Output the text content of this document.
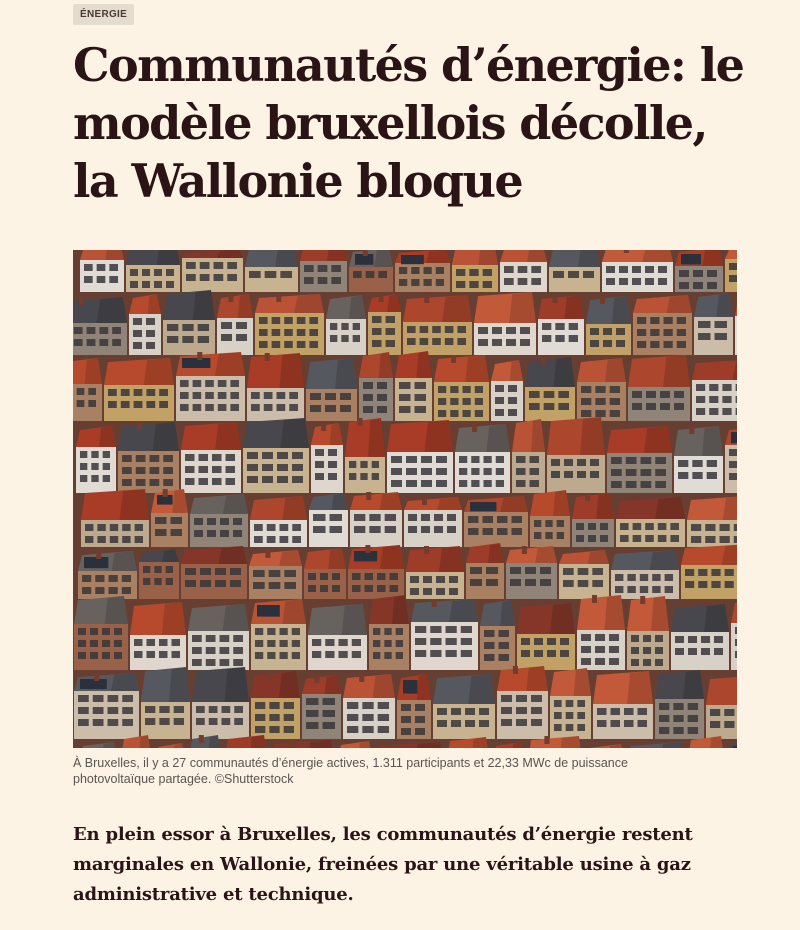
ÉNERGIE
Communautés d’énergie: le modèle bruxellois décolle, la Wallonie bloque
À Bruxelles, il y a 27 communautés d’énergie actives, 1.311 participants et 22,33 MWc de puissance photovoltaïque partagée. ©Shutterstock

En plein essor à Bruxelles, les communautés d’énergie restent marginales en Wallonie, freinées par une véritable usine à gaz administrative et technique.
